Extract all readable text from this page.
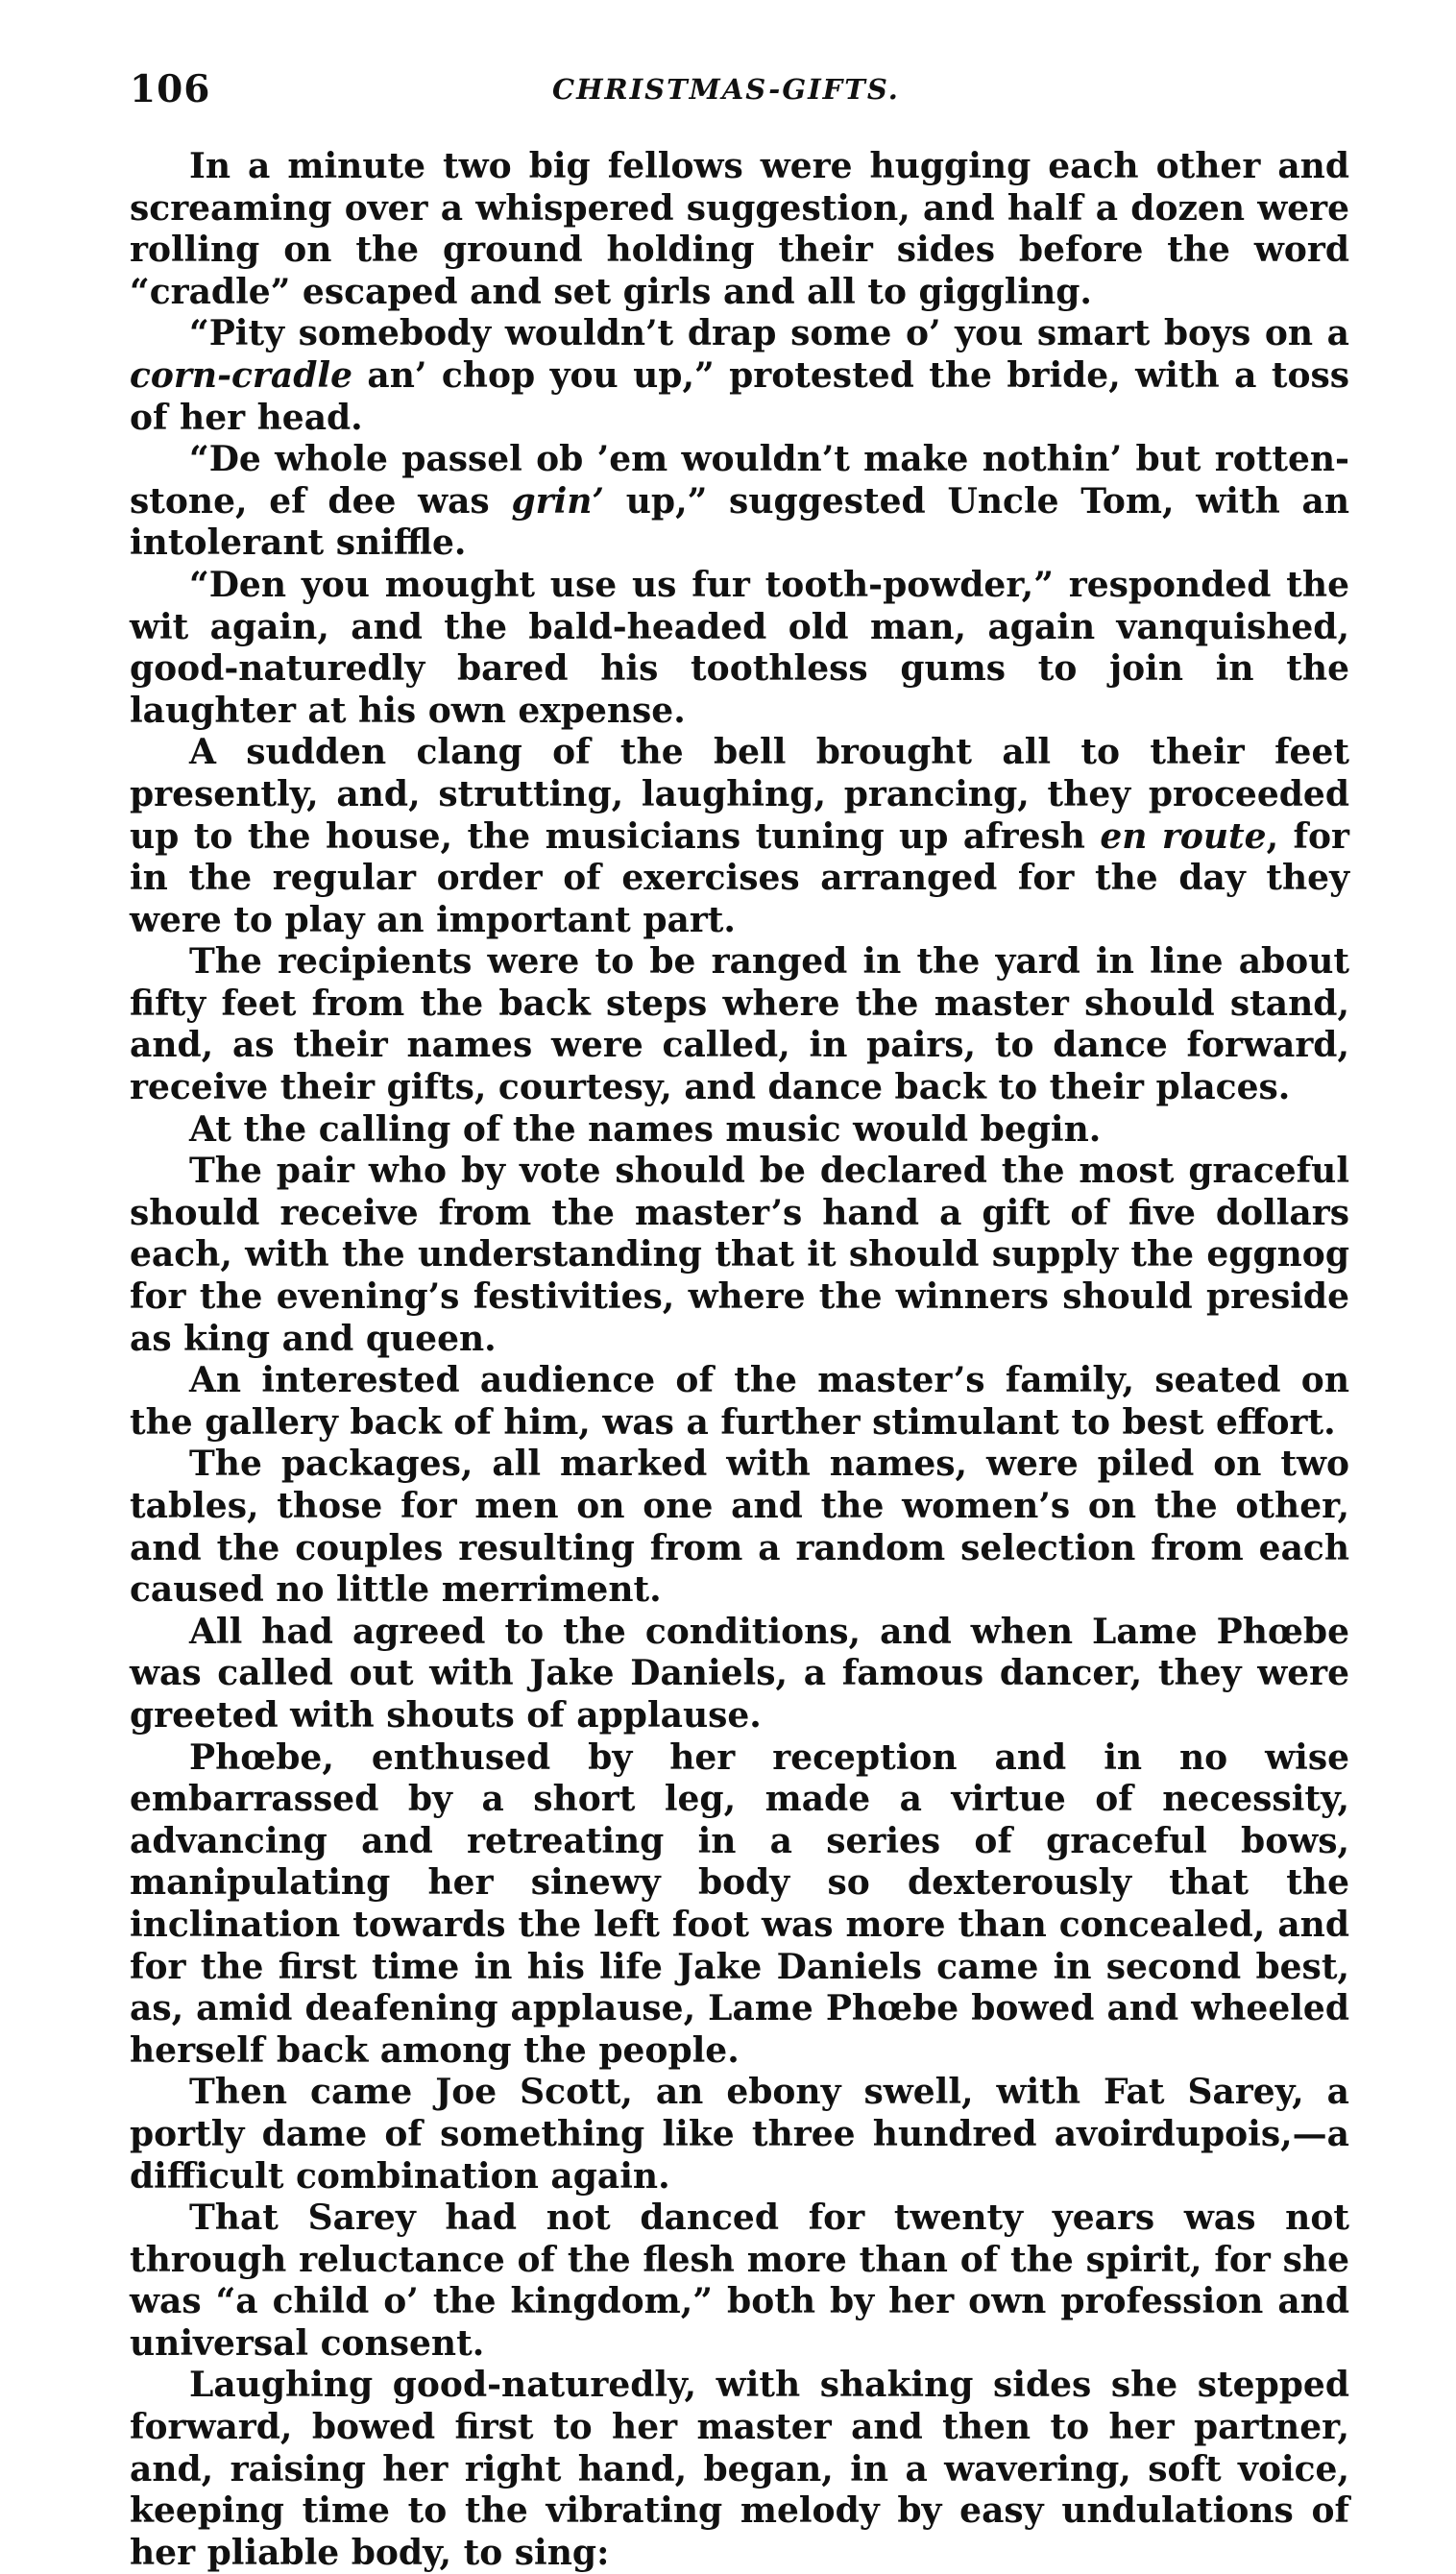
106	CHRISTMAS-GIFTS.

In a minute two big fellows were hugging each other and screaming over a whispered suggestion, and half a dozen were rolling on the ground holding their sides before the word “cradle” escaped and set girls and all to giggling.

“Pity somebody wouldn’t drap some o’ you smart boys on a corn-cradle an’ chop you up,” protested the bride, with a toss of her head.

“De whole passel ob ’em wouldn’t make nothin’ but rotten-stone, ef dee was grin’ up,” suggested Uncle Tom, with an intolerant sniffle.

“Den you mought use us fur tooth-powder,” responded the wit again, and the bald-headed old man, again vanquished, good-naturedly bared his toothless gums to join in the laughter at his own expense.

A sudden clang of the bell brought all to their feet presently, and, strutting, laughing, prancing, they proceeded up to the house, the musicians tuning up afresh en route, for in the regular order of exercises arranged for the day they were to play an important part.

The recipients were to be ranged in the yard in line about fifty feet from the back steps where the master should stand, and, as their names were called, in pairs, to dance forward, receive their gifts, courtesy, and dance back to their places.

At the calling of the names music would begin.

The pair who by vote should be declared the most graceful should receive from the master’s hand a gift of five dollars each, with the understanding that it should supply the eggnog for the evening’s festivities, where the winners should preside as king and queen.

An interested audience of the master’s family, seated on the gallery back of him, was a further stimulant to best effort.

The packages, all marked with names, were piled on two tables, those for men on one and the women’s on the other, and the couples resulting from a random selection from each caused no little merriment.

All had agreed to the conditions, and when Lame Phœbe was called out with Jake Daniels, a famous dancer, they were greeted with shouts of applause.

Phœbe, enthused by her reception and in no wise embarrassed by a short leg, made a virtue of necessity, advancing and retreating in a series of graceful bows, manipulating her sinewy body so dexterously that the inclination towards the left foot was more than concealed, and for the first time in his life Jake Daniels came in second best, as, amid deafening applause, Lame Phœbe bowed and wheeled herself back among the people.

Then came Joe Scott, an ebony swell, with Fat Sarey, a portly dame of something like three hundred avoirdupois,—a difficult combination again.

That Sarey had not danced for twenty years was not through reluctance of the flesh more than of the spirit, for she was “a child o’ the kingdom,” both by her own profession and universal consent.

Laughing good-naturedly, with shaking sides she stepped forward, bowed first to her master and then to her partner, and, raising her right hand, began, in a wavering, soft voice, keeping time to the vibrating melody by easy undulations of her pliable body, to sing:
